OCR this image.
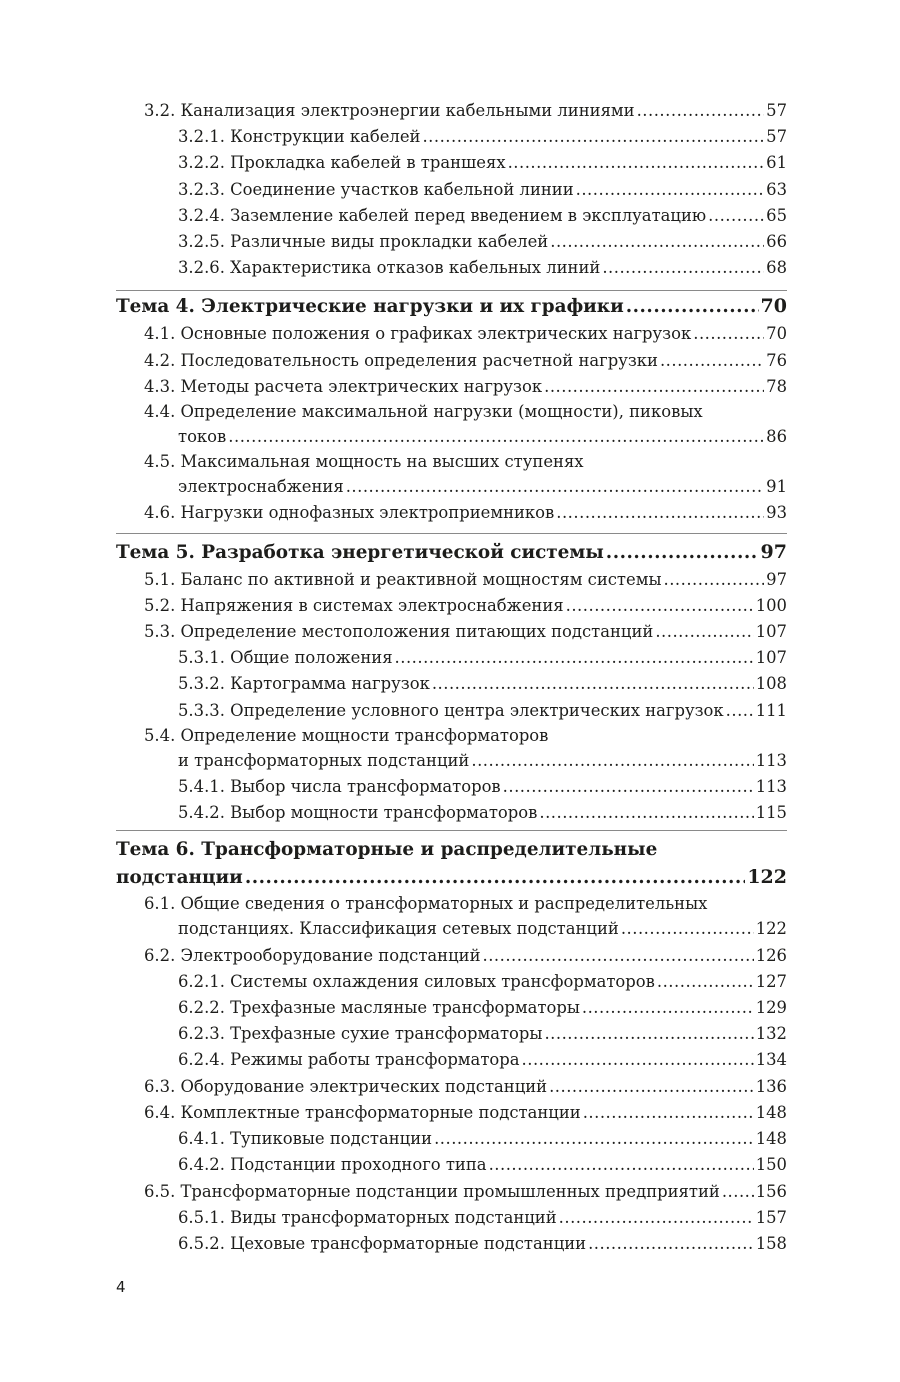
3.2. Канализация электроэнергии кабельными линиями .....	57
3.2.1. Конструкции кабелей .....	57
3.2.2. Прокладка кабелей в траншеях .....	61
3.2.3. Соединение участков кабельной линии .....	63
3.2.4. Заземление кабелей перед введением в эксплуатацию .....	65
3.2.5. Различные виды прокладки кабелей .....	66
3.2.6. Характеристика отказов кабельных линий .....	68
Тема 4. Электрические нагрузки и их графики .....	70
4.1. Основные положения о графиках электрических нагрузок .....	70
4.2. Последовательность определения расчетной нагрузки .....	76
4.3. Методы расчета электрических нагрузок .....	78
4.4. Определение максимальной нагрузки (мощности), пиковых
токов .....	86
4.5. Максимальная мощность на высших ступенях
электроснабжения .....	91
4.6. Нагрузки однофазных электроприемников .....	93
Тема 5. Разработка энергетической системы .....	97
5.1. Баланс по активной и реактивной мощностям системы .....	97
5.2. Напряжения в системах электроснабжения .....	100
5.3. Определение местоположения питающих подстанций .....	107
5.3.1. Общие положения .....	107
5.3.2. Картограмма нагрузок .....	108
5.3.3. Определение условного центра электрических нагрузок ..... 111
5.4. Определение мощности трансформаторов
и трансформаторных подстанций .....	113
5.4.1. Выбор числа трансформаторов .....	113
5.4.2. Выбор мощности трансформаторов .....	115
Тема 6. Трансформаторные и распределительные
подстанции .....	122
6.1. Общие сведения о трансформаторных и распределительных
подстанциях. Классификация сетевых подстанций .....	122
6.2. Электрооборудование подстанций .....	126
6.2.1. Системы охлаждения силовых трансформаторов .....	127
6.2.2. Трехфазные масляные трансформаторы .....	129
6.2.3. Трехфазные сухие трансформаторы .....	132
6.2.4. Режимы работы трансформатора .....	134
6.3. Оборудование электрических подстанций .....	136
6.4. Комплектные трансформаторные подстанции .....	148
6.4.1. Тупиковые подстанции .....	148
6.4.2. Подстанции проходного типа .....	150
6.5. Трансформаторные подстанции промышленных предприятий ..... 156
6.5.1. Виды трансформаторных подстанций .....	157
6.5.2. Цеховые трансформаторные подстанции .....	158
4
